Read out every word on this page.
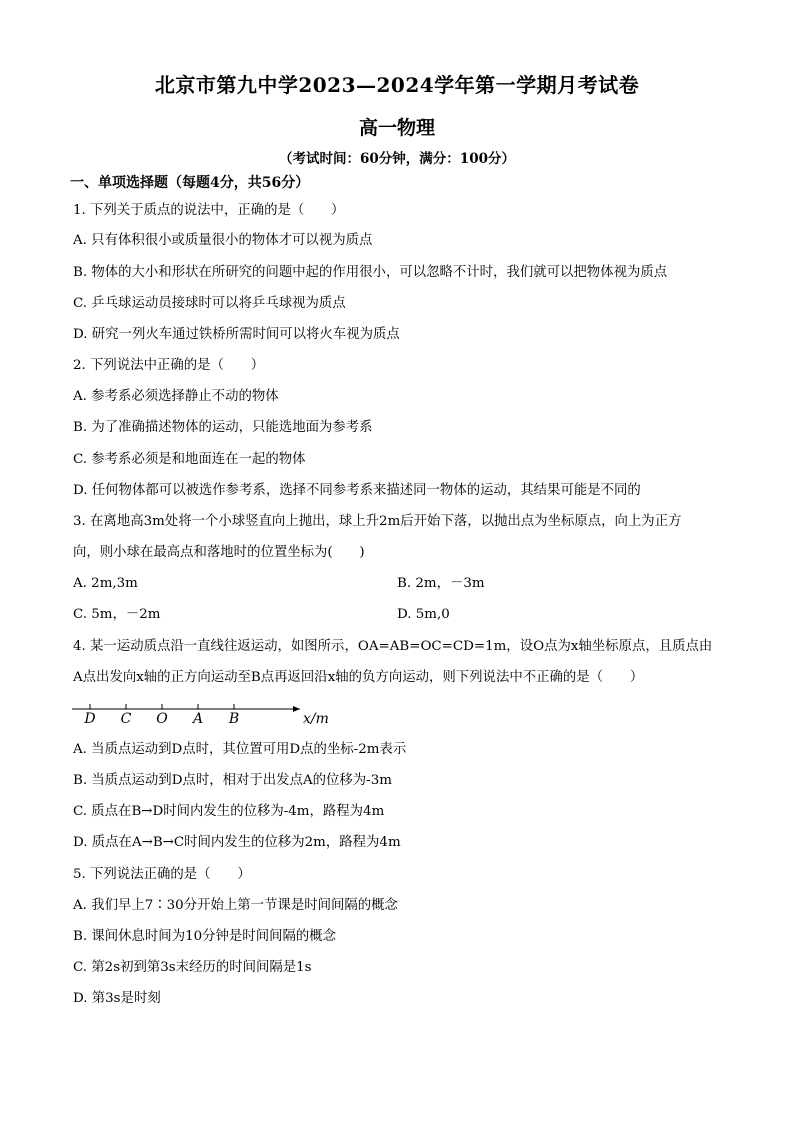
北京市第九中学2023—2024学年第一学期月考试卷
高一物理
（考试时间：60分钟，满分：100分）
一、单项选择题（每题4分，共56分）
1. 下列关于质点的说法中，正确的是（　　）
A. 只有体积很小或质量很小的物体才可以视为质点
B. 物体的大小和形状在所研究的问题中起的作用很小，可以忽略不计时，我们就可以把物体视为质点
C. 乒乓球运动员接球时可以将乒乓球视为质点
D. 研究一列火车通过铁桥所需时间可以将火车视为质点
2. 下列说法中正确的是（　　）
A. 参考系必须选择静止不动的物体
B. 为了准确描述物体的运动，只能选地面为参考系
C. 参考系必须是和地面连在一起的物体
D. 任何物体都可以被选作参考系，选择不同参考系来描述同一物体的运动，其结果可能是不同的
3. 在离地高3m处将一个小球竖直向上抛出，球上升2m后开始下落，以抛出点为坐标原点，向上为正方
向，则小球在最高点和落地时的位置坐标为(　　)
A. 2m,3m	B. 2m，－3m
C. 5m，－2m	D. 5m,0
4. 某一运动质点沿一直线往返运动，如图所示，OA=AB=OC=CD=1m，设O点为x轴坐标原点，且质点由
A点出发向x轴的正方向运动至B点再返回沿x轴的负方向运动，则下列说法中不正确的是（　　）
D C O A B	x/m
A. 当质点运动到D点时，其位置可用D点的坐标-2m表示
B. 当质点运动到D点时，相对于出发点A的位移为-3m
C. 质点在B→D时间内发生的位移为-4m，路程为4m
D. 质点在A→B→C时间内发生的位移为2m，路程为4m
5. 下列说法正确的是（　　）
A. 我们早上7∶30分开始上第一节课是时间间隔的概念
B. 课间休息时间为10分钟是时间间隔的概念
C. 第2s初到第3s末经历的时间间隔是1s
D. 第3s是时刻
